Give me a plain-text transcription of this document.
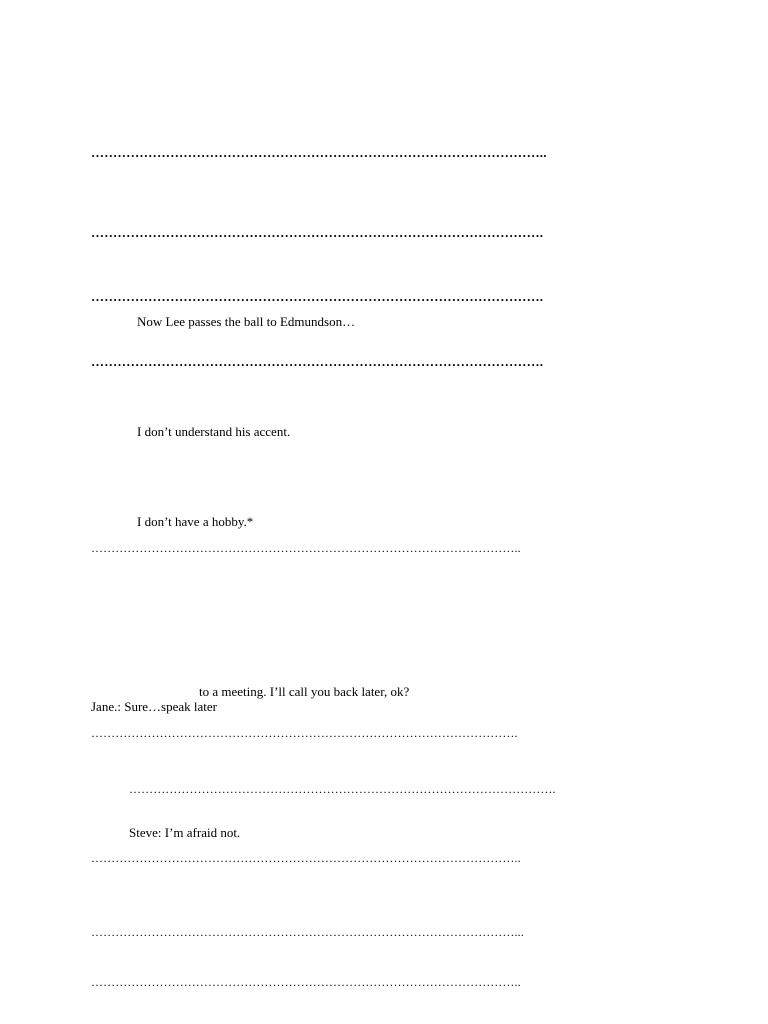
…………………………………………………………………………………………..
………………………………………………………………………………………….
………………………………………………………………………………………….
Now Lee passes the ball to Edmundson…
………………………………………………………………………………………….
I don’t understand his accent.
I don’t have a hobby.*
……………………………………………………………………………………………..
to a meeting. I’ll call you back later, ok?
Jane.: Sure…speak later
…………………………………………………………………………………………….
…………………………………………………………………………………………….
Steve: I’m afraid not.
……………………………………………………………………………………………..
……………………………………………………………………………………………...
……………………………………………………………………………………………..
